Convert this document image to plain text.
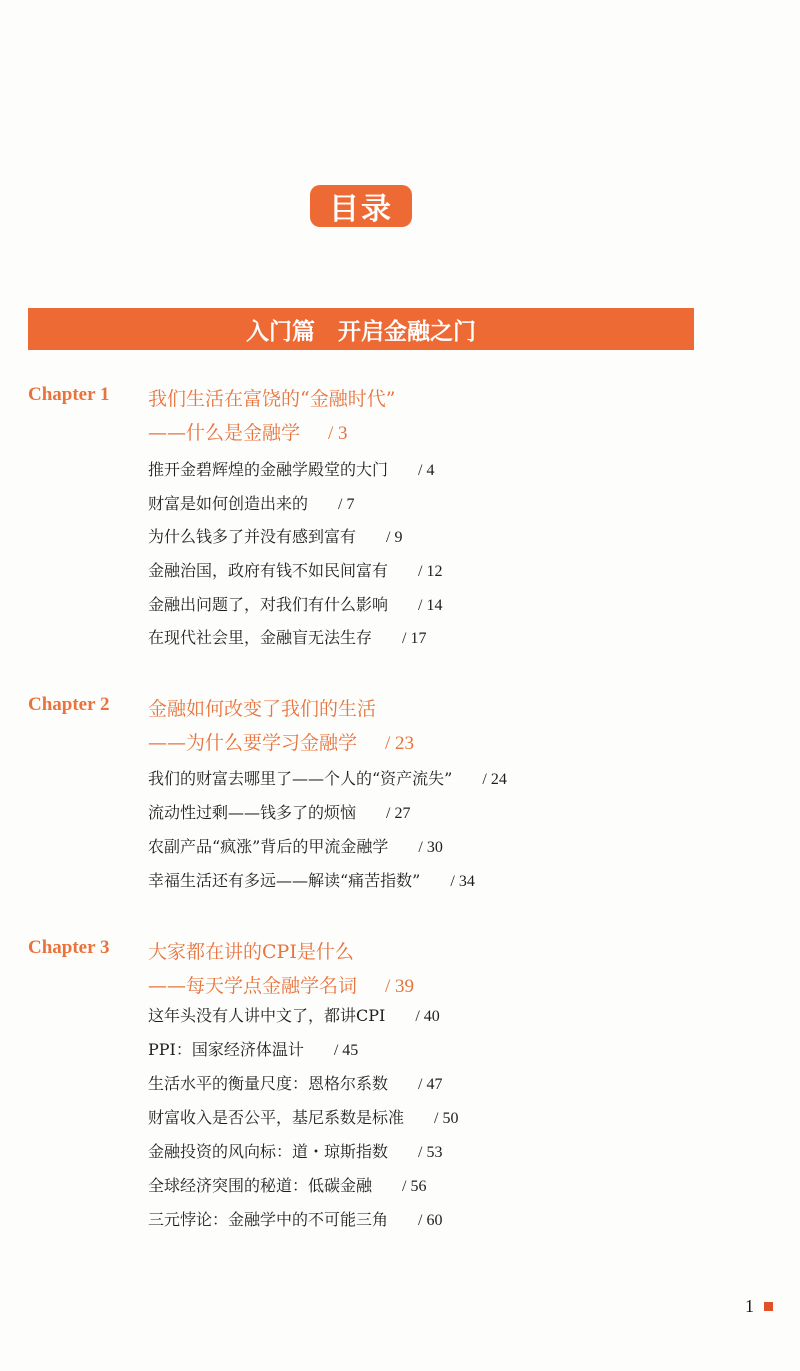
目录
入门篇　开启金融之门
Chapter 1 我们生活在富饶的“金融时代”
——什么是金融学 / 3
推开金碧辉煌的金融学殿堂的大门 / 4
财富是如何创造出来的 / 7
为什么钱多了并没有感到富有 / 9
金融治国，政府有钱不如民间富有 / 12
金融出问题了，对我们有什么影响 / 14
在现代社会里，金融盲无法生存 / 17
Chapter 2 金融如何改变了我们的生活
——为什么要学习金融学 / 23
我们的财富去哪里了——个人的“资产流失” / 24
流动性过剩——钱多了的烦恼 / 27
农副产品“疯涨”背后的甲流金融学 / 30
幸福生活还有多远——解读“痛苦指数” / 34
Chapter 3 大家都在讲的CPI是什么
——每天学点金融学名词 / 39
这年头没有人讲中文了，都讲CPI / 40
PPI：国家经济体温计 / 45
生活水平的衡量尺度：恩格尔系数 / 47
财富收入是否公平，基尼系数是标准 / 50
金融投资的风向标：道・琼斯指数 / 53
全球经济突围的秘道：低碳金融 / 56
三元悖论：金融学中的不可能三角 / 60
1
